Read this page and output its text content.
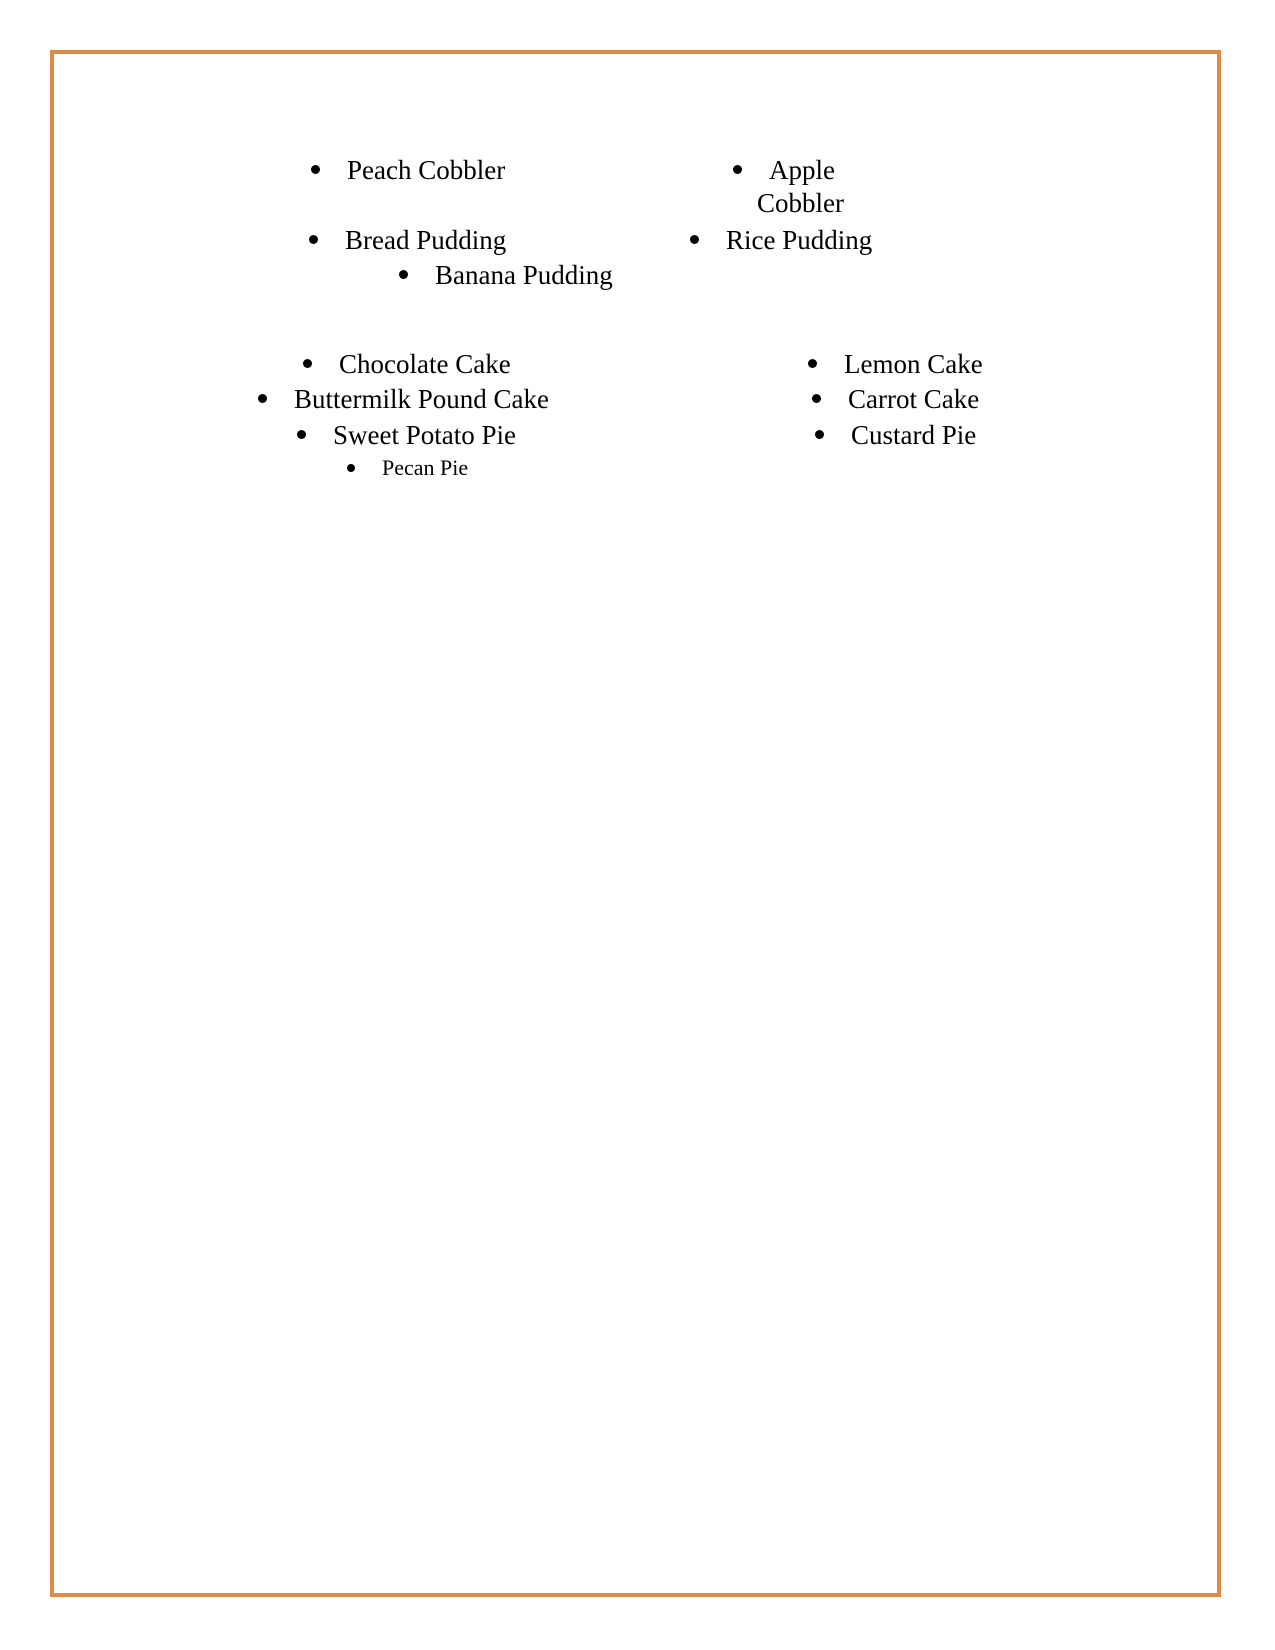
Peach Cobbler	Apple
Cobbler
Bread Pudding	Rice Pudding
Banana Pudding
Chocolate Cake	Lemon Cake
Buttermilk Pound Cake	Carrot Cake
Sweet Potato Pie	Custard Pie
Pecan Pie
